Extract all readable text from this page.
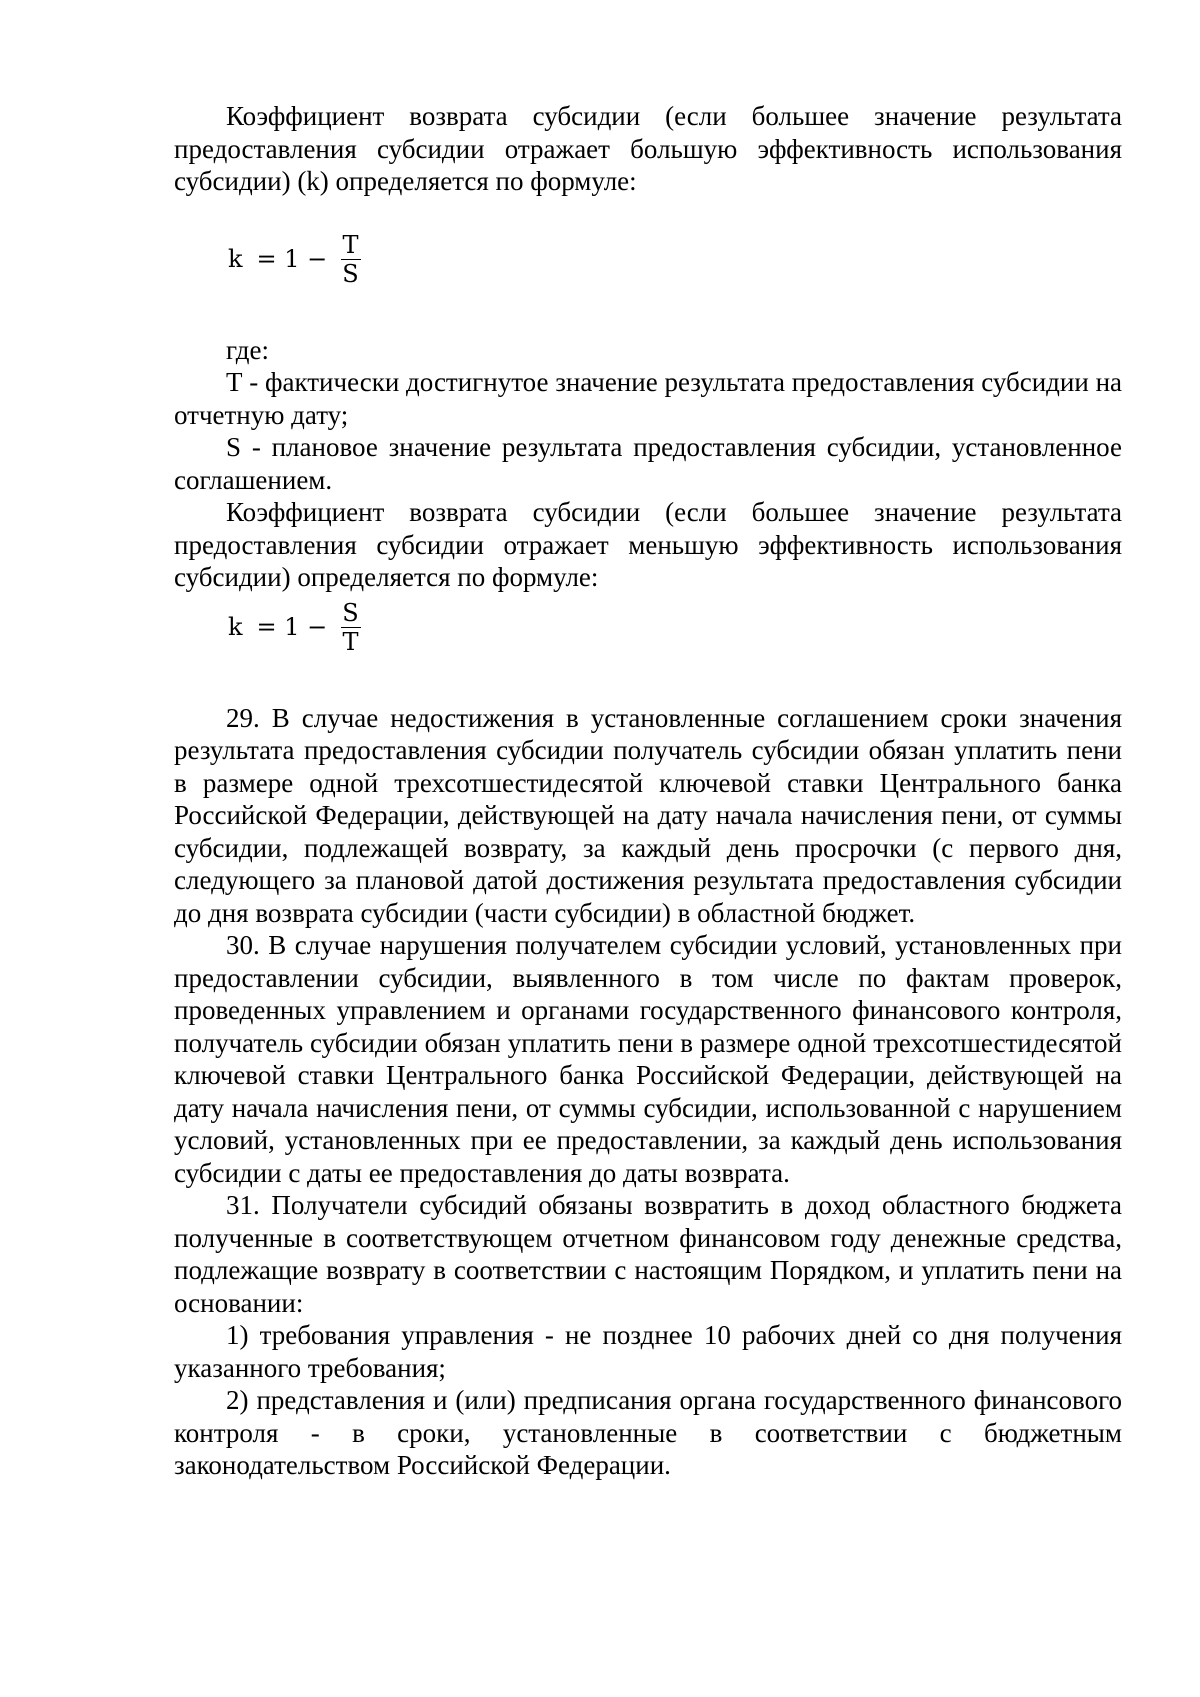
Коэффициент возврата субсидии (если большее значение результата предоставления субсидии отражает большую эффективность использования субсидии) (k) определяется по формуле:

$k = 1 - \frac{T}{S}$

где:

Т - фактически достигнутое значение результата предоставления субсидии на отчетную дату;

S - плановое значение результата предоставления субсидии, установленное соглашением.

Коэффициент возврата субсидии (если большее значение результата предоставления субсидии отражает меньшую эффективность использования субсидии) определяется по формуле:

$k = 1 - \frac{S}{T}$

29. В случае недостижения в установленные соглашением сроки значения результата предоставления субсидии получатель субсидии обязан уплатить пени в размере одной трехсотшестидесятой ключевой ставки Центрального банка Российской Федерации, действующей на дату начала начисления пени, от суммы субсидии, подлежащей возврату, за каждый день просрочки (с первого дня, следующего за плановой датой достижения результата предоставления субсидии до дня возврата субсидии (части субсидии) в областной бюджет.

30. В случае нарушения получателем субсидии условий, установленных при предоставлении субсидии, выявленного в том числе по фактам проверок, проведенных управлением и органами государственного финансового контроля, получатель субсидии обязан уплатить пени в размере одной трехсотшестидесятой ключевой ставки Центрального банка Российской Федерации, действующей на дату начала начисления пени, от суммы субсидии, использованной с нарушением условий, установленных при ее предоставлении, за каждый день использования субсидии с даты ее предоставления до даты возврата.

31. Получатели субсидий обязаны возвратить в доход областного бюджета полученные в соответствующем отчетном финансовом году денежные средства, подлежащие возврату в соответствии с настоящим Порядком, и уплатить пени на основании:

1) требования управления - не позднее 10 рабочих дней со дня получения указанного требования;

2) представления и (или) предписания органа государственного финансового контроля - в сроки, установленные в соответствии с бюджетным законодательством Российской Федерации.
